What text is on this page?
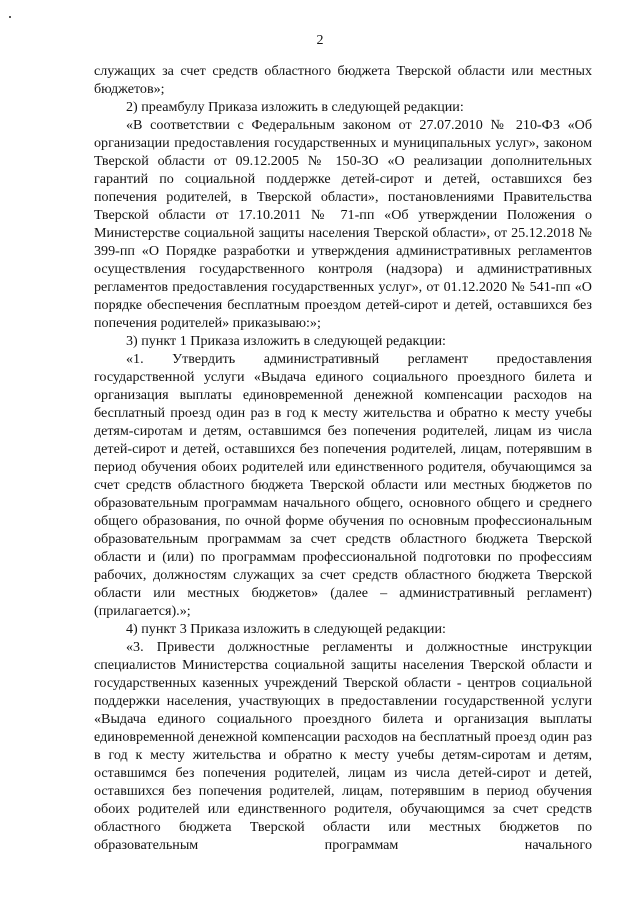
2

служащих за счет средств областного бюджета Тверской области или местных бюджетов»;

2) преамбулу Приказа изложить в следующей редакции:

«В соответствии с Федеральным законом от 27.07.2010 № 210-ФЗ «Об организации предоставления государственных и муниципальных услуг», законом Тверской области от 09.12.2005 № 150-ЗО «О реализации дополнительных гарантий по социальной поддержке детей-сирот и детей, оставшихся без попечения родителей, в Тверской области», постановлениями Правительства Тверской области от 17.10.2011 № 71-пп «Об утверждении Положения о Министерстве социальной защиты населения Тверской области», от 25.12.2018 № 399-пп «О Порядке разработки и утверждения административных регламентов осуществления государственного контроля (надзора) и административных регламентов предоставления государственных услуг», от 01.12.2020 № 541-пп «О порядке обеспечения бесплатным проездом детей-сирот и детей, оставшихся без попечения родителей» приказываю:»;

3) пункт 1 Приказа изложить в следующей редакции:

«1. Утвердить административный регламент предоставления государственной услуги «Выдача единого социального проездного билета и организация выплаты единовременной денежной компенсации расходов на бесплатный проезд один раз в год к месту жительства и обратно к месту учебы детям-сиротам и детям, оставшимся без попечения родителей, лицам из числа детей-сирот и детей, оставшихся без попечения родителей, лицам, потерявшим в период обучения обоих родителей или единственного родителя, обучающимся за счет средств областного бюджета Тверской области или местных бюджетов по образовательным программам начального общего, основного общего и среднего общего образования, по очной форме обучения по основным профессиональным образовательным программам за счет средств областного бюджета Тверской области и (или) по программам профессиональной подготовки по профессиям рабочих, должностям служащих за счет средств областного бюджета Тверской области или местных бюджетов» (далее – административный регламент) (прилагается).»;

4) пункт 3 Приказа изложить в следующей редакции:

«3. Привести должностные регламенты и должностные инструкции специалистов Министерства социальной защиты населения Тверской области и государственных казенных учреждений Тверской области - центров социальной поддержки населения, участвующих в предоставлении государственной услуги «Выдача единого социального проездного билета и организация выплаты единовременной денежной компенсации расходов на бесплатный проезд один раз в год к месту жительства и обратно к месту учебы детям-сиротам и детям, оставшимся без попечения родителей, лицам из числа детей-сирот и детей, оставшихся без попечения родителей, лицам, потерявшим в период обучения обоих родителей или единственного родителя, обучающимся за счет средств областного бюджета Тверской области или местных бюджетов по образовательным программам начального
